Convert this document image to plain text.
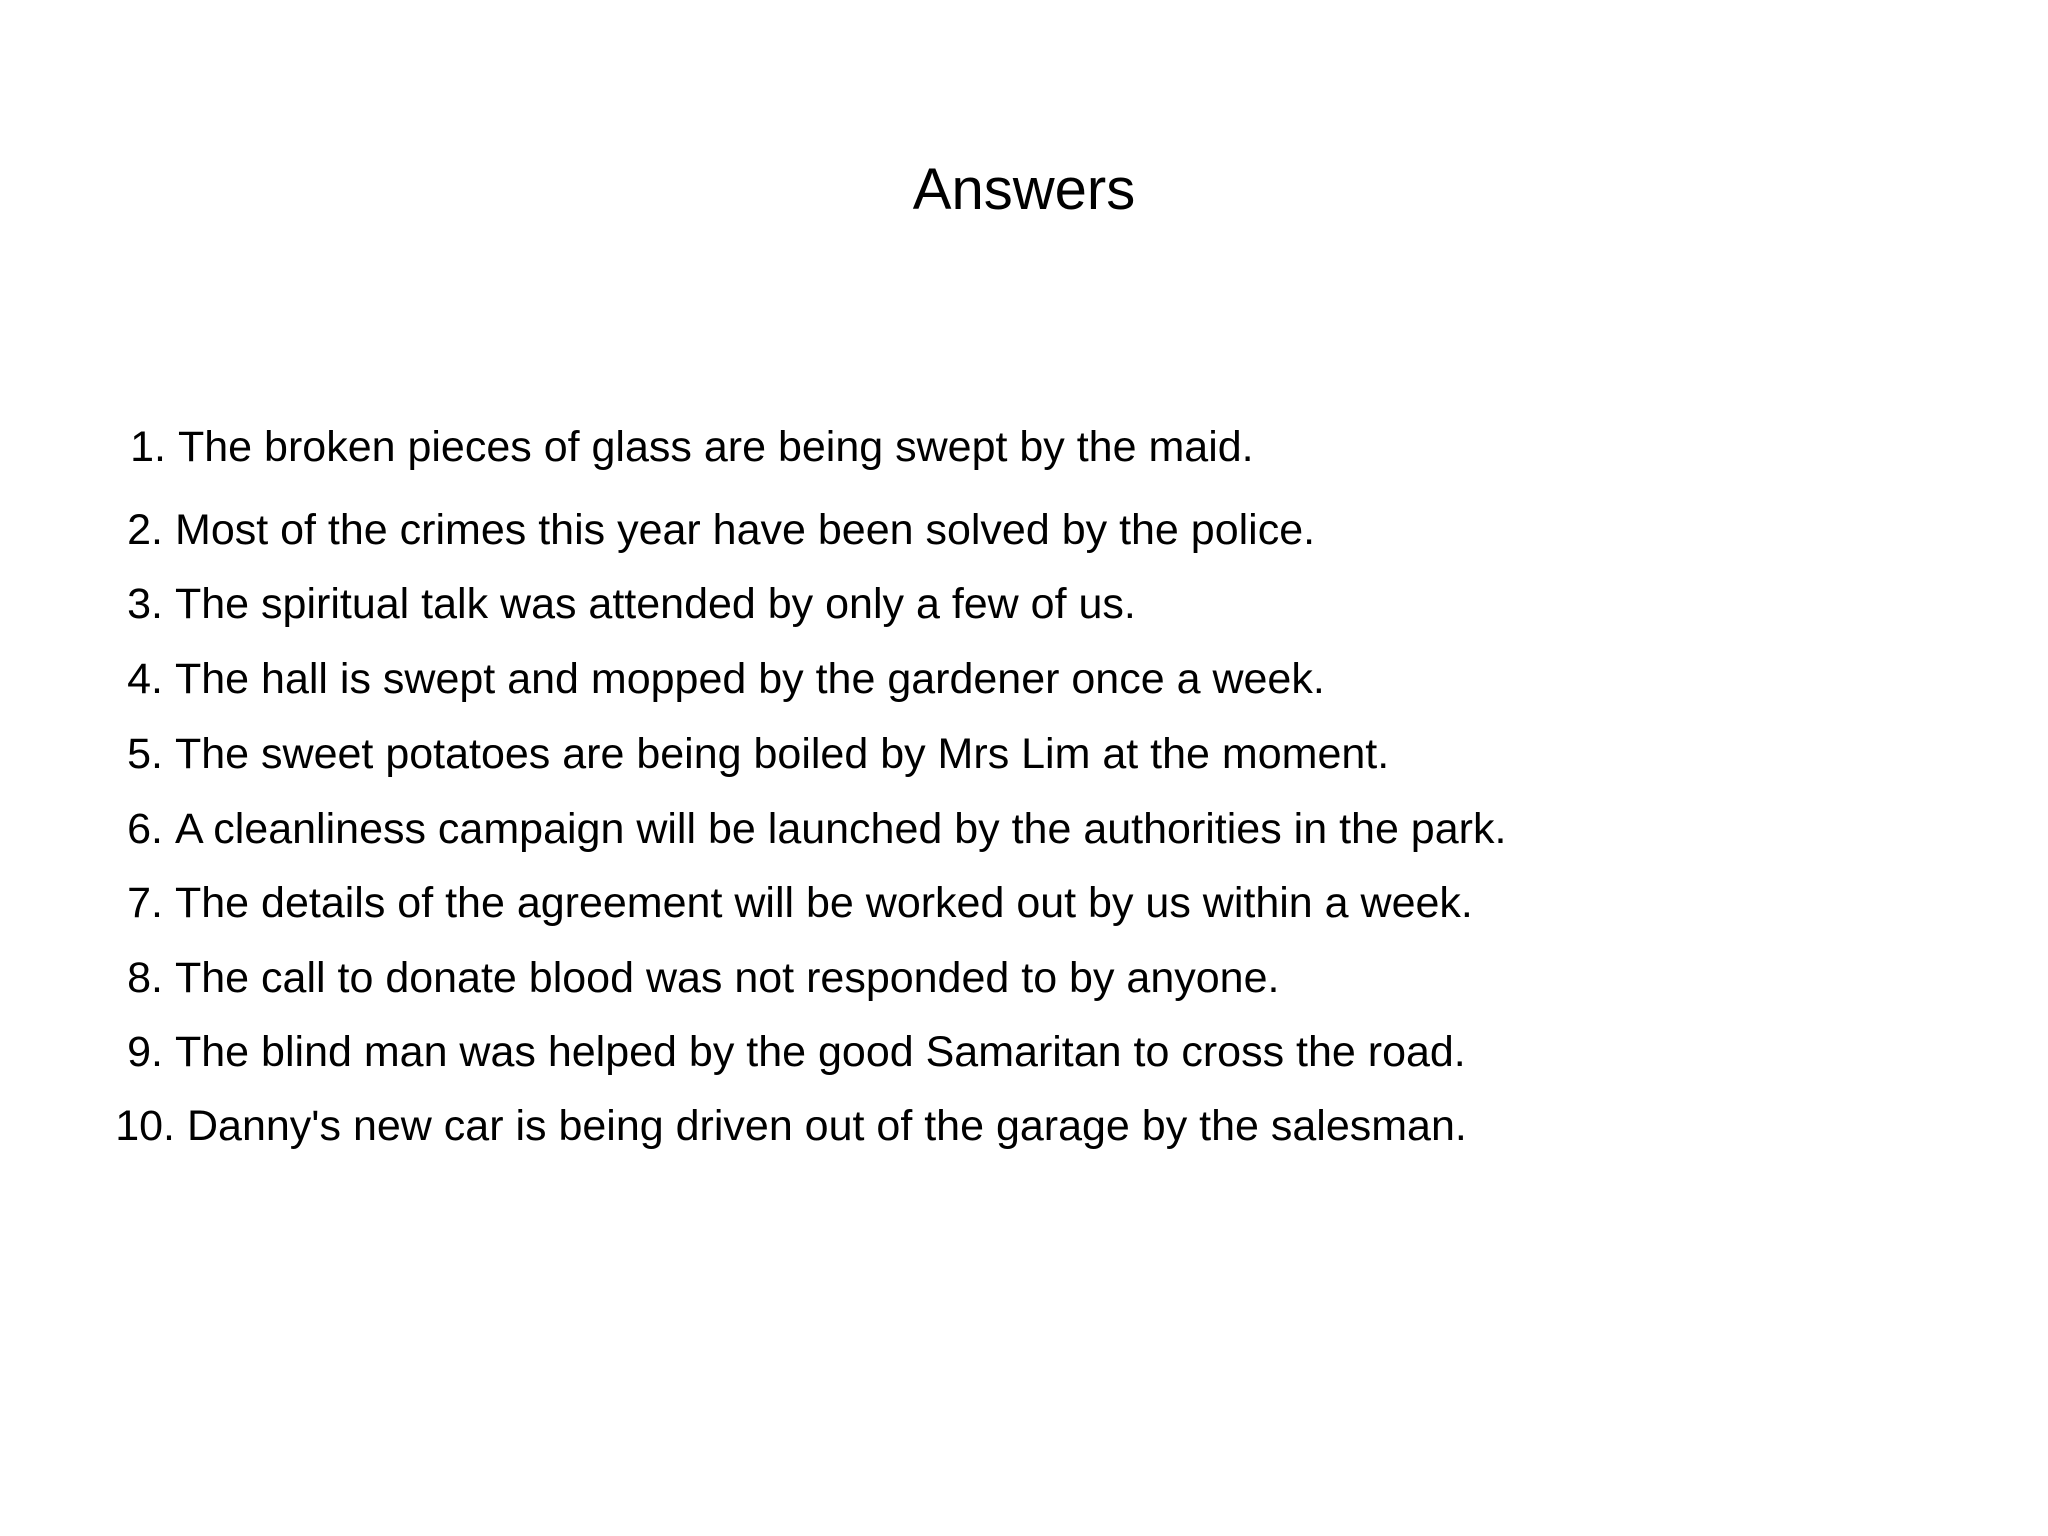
Answers
1. The broken pieces of glass are being swept by the maid.
2. Most of the crimes this year have been solved by the police.
3. The spiritual talk was attended by only a few of us.
4. The hall is swept and mopped by the gardener once a week.
5. The sweet potatoes are being boiled by Mrs Lim at the moment.
6. A cleanliness campaign will be launched by the authorities in the park.
7. The details of the agreement will be worked out by us within a week.
8. The call to donate blood was not responded to by anyone.
9. The blind man was helped by the good Samaritan to cross the road.
10. Danny's new car is being driven out of the garage by the salesman.
